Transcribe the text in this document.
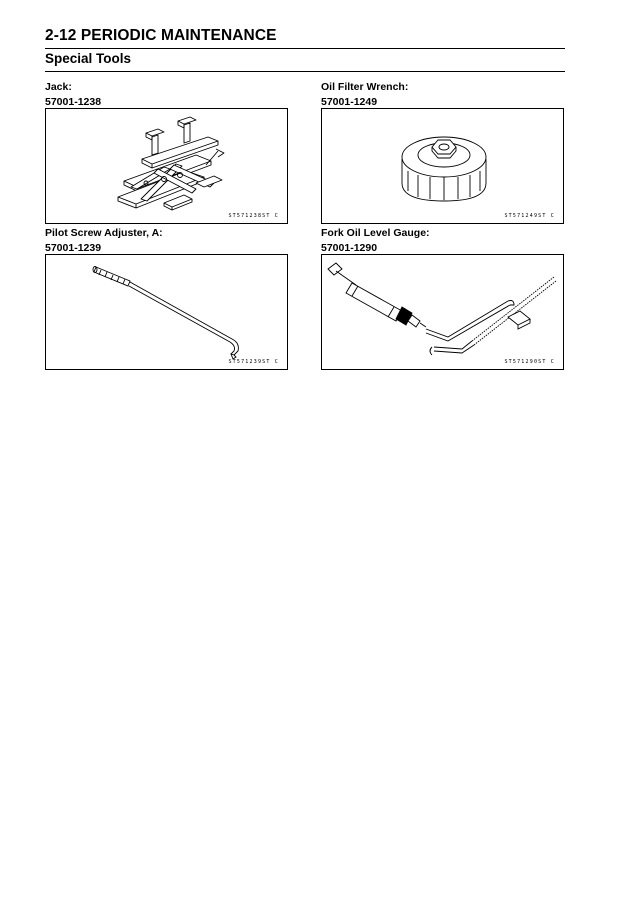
2-12 PERIODIC MAINTENANCE
Special Tools
Jack:
57001-1238
ST571238ST C
Oil Filter Wrench:
57001-1249
ST571249ST C
Pilot Screw Adjuster, A:
57001-1239
ST571239ST C
Fork Oil Level Gauge:
57001-1290
ST571290ST C
